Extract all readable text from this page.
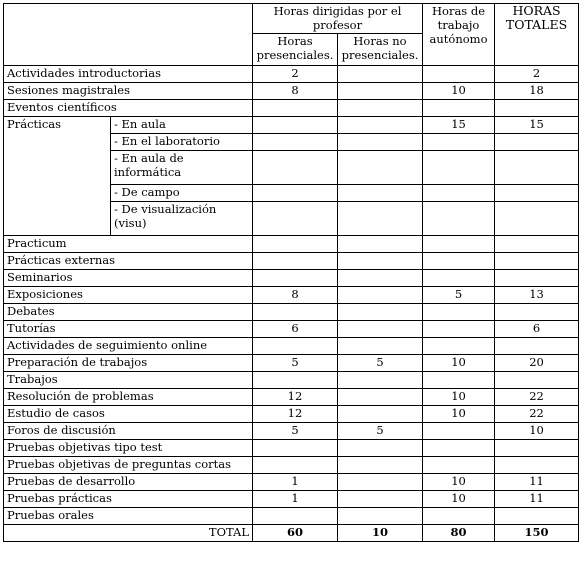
		Horas dirigidas por el profesor		Horas de trabajo autónomo	HORAS TOTALES
		Horas presenciales.	Horas no presenciales.		
Actividades introductorias		2			2
Sesiones magistrales		8		10	18
Eventos científicos					
Prácticas	- En aula			15	15
	- En el laboratorio				
	- En aula de informática				
	- De campo				
	- De visualización (visu)				
Practicum					
Prácticas externas					
Seminarios					
Exposiciones		8		5	13
Debates					
Tutorías		6			6
Actividades de seguimiento online					
Preparación de trabajos		5	5	10	20
Trabajos					
Resolución de problemas		12		10	22
Estudio de casos		12		10	22
Foros de discusión		5	5		10
Pruebas objetivas tipo test					
Pruebas objetivas de preguntas cortas					
Pruebas de desarrollo		1		10	11
Pruebas prácticas		1		10	11
Pruebas orales					
TOTAL		60	10	80	150
